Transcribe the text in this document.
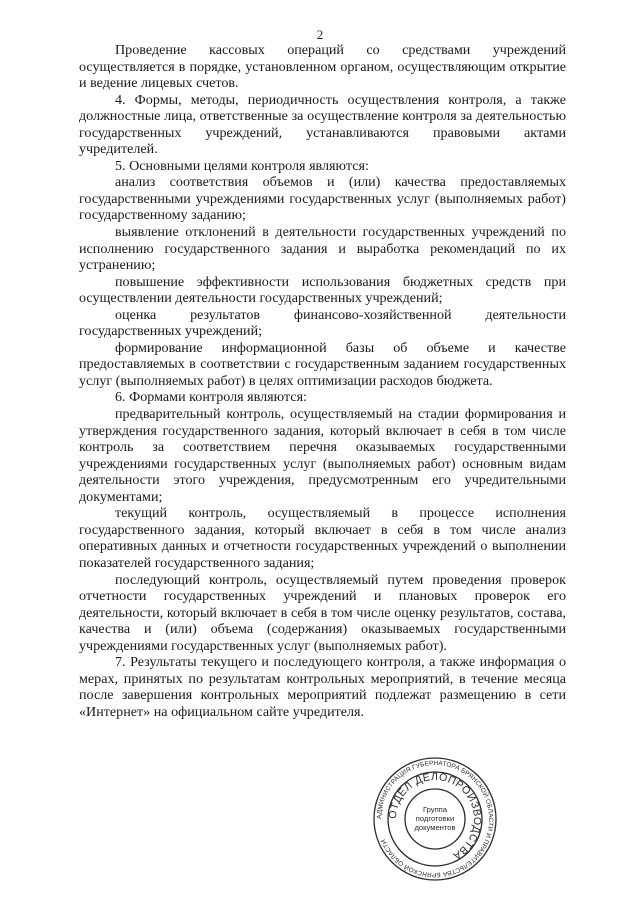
2

Проведение кассовых операций со средствами учреждений осуществляется в порядке, установленном органом, осуществляющим открытие и ведение лицевых счетов.

4. Формы, методы, периодичность осуществления контроля, а также должностные лица, ответственные за осуществление контроля за деятельностью государственных учреждений, устанавливаются правовыми актами учредителей.

5. Основными целями контроля являются:

анализ соответствия объемов и (или) качества предоставляемых государственными учреждениями государственных услуг (выполняемых работ) государственному заданию;

выявление отклонений в деятельности государственных учреждений по исполнению государственного задания и выработка рекомендаций по их устранению;

повышение эффективности использования бюджетных средств при осуществлении деятельности государственных учреждений;

оценка результатов финансово-хозяйственной деятельности государственных учреждений;

формирование информационной базы об объеме и качестве предоставляемых в соответствии с государственным заданием государственных услуг (выполняемых работ) в целях оптимизации расходов бюджета.

6. Формами контроля являются:

предварительный контроль, осуществляемый на стадии формирования и утверждения государственного задания, который включает в себя в том числе контроль за соответствием перечня оказываемых государственными учреждениями государственных услуг (выполняемых работ) основным видам деятельности этого учреждения, предусмотренным его учредительными документами;

текущий контроль, осуществляемый в процессе исполнения государственного задания, который включает в себя в том числе анализ оперативных данных и отчетности государственных учреждений о выполнении показателей государственного задания;

последующий контроль, осуществляемый путем проведения проверок отчетности государственных учреждений и плановых проверок его деятельности, который включает в себя в том числе оценку результатов, состава, качества и (или) объема (содержания) оказываемых государственными учреждениями государственных услуг (выполняемых работ).

7. Результаты текущего и последующего контроля, а также информация о мерах, принятых по результатам контрольных мероприятий, в течение месяца после завершения контрольных мероприятий подлежат размещению в сети «Интернет» на официальном сайте учредителя.

АДМИНИСТРАЦИЯ ГУБЕРНАТОРА БРЯНСКОЙ ОБЛАСТИ И ПРАВИТЕЛЬСТВА БРЯНСКОЙ ОБЛАСТИ
ОТДЕЛ ДЕЛОПРОИЗВОДСТВА
Группа
подготовки
документов
